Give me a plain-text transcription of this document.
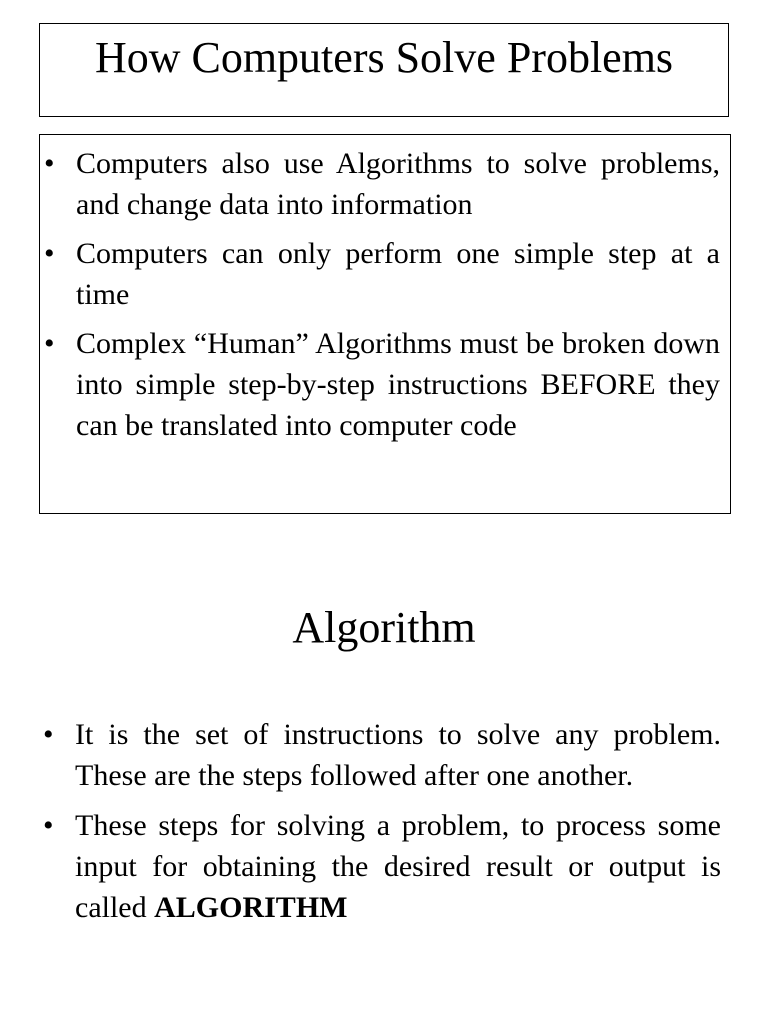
How Computers Solve Problems
• Computers also use Algorithms to solve problems, and change data into information
• Computers can only perform one simple step at a time
• Complex “Human” Algorithms must be broken down into simple step-by-step instructions BEFORE they can be translated into computer code
Algorithm
• It is the set of instructions to solve any problem. These are the steps followed after one another.
• These steps for solving a problem, to process some input for obtaining the desired result or output is called ALGORITHM
